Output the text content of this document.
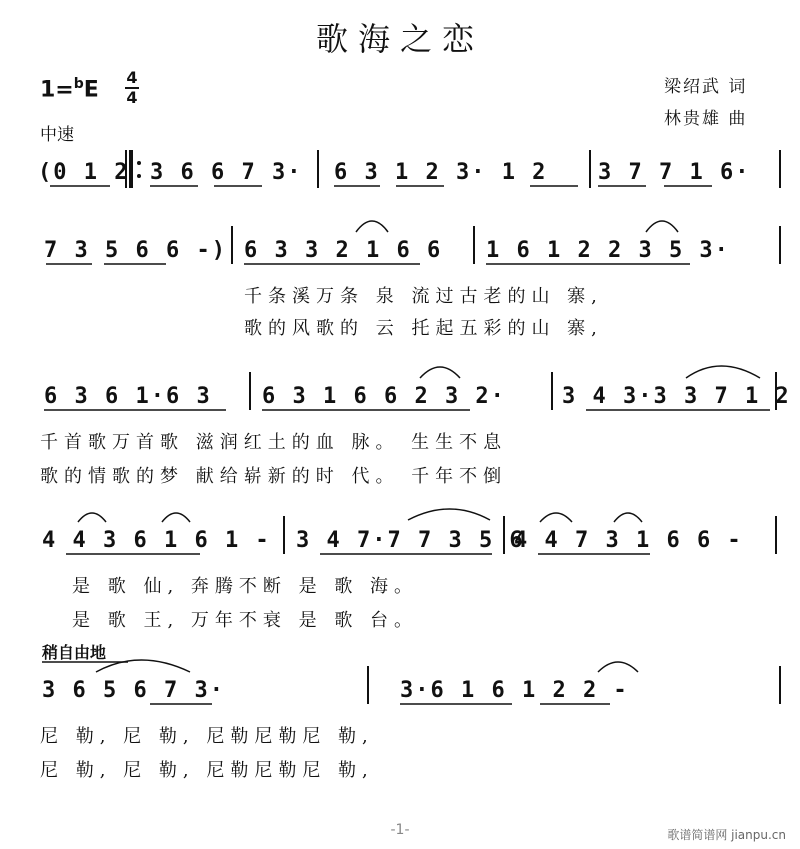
歌海之恋
1=$^b$E 4
4
中速
梁绍武 词
林贵雄 曲
(0 1 2 3 6 6 7 3· 6 3 1 2 3· 1 2 3 7 7 1 6·
7 3 5 6 6 -) 6 3 3 2 1 6 6 1 6 1 2 2 3 5 3·
千条溪万条 泉 流过古老的山 寨,
歌的风歌的 云 托起五彩的山 寨,
6 3 6 1·6 3 6 3 1 6 6 2 3 2·	3 4 3·3 3 7 1 2
千首歌万首歌 滋润红土的血 脉。 生生不息
歌的情歌的梦 献给崭新的时 代。 千年不倒
4 4 3 6 1 6 1 - 3 4 7·7 7 3 5 6
4 4 7 3 1 6 6 -
是 歌 仙, 奔腾不断 是 歌 海。
是 歌 王, 万年不衰 是 歌 台。
稍自由地
3 6 5 6 7 3·	3·6 1 6 1 2 2 -
尼 勒, 尼 勒, 尼勒尼勒尼 勒,
尼 勒, 尼 勒, 尼勒尼勒尼 勒,
-1-	歌谱简谱网 jianpu.cn
